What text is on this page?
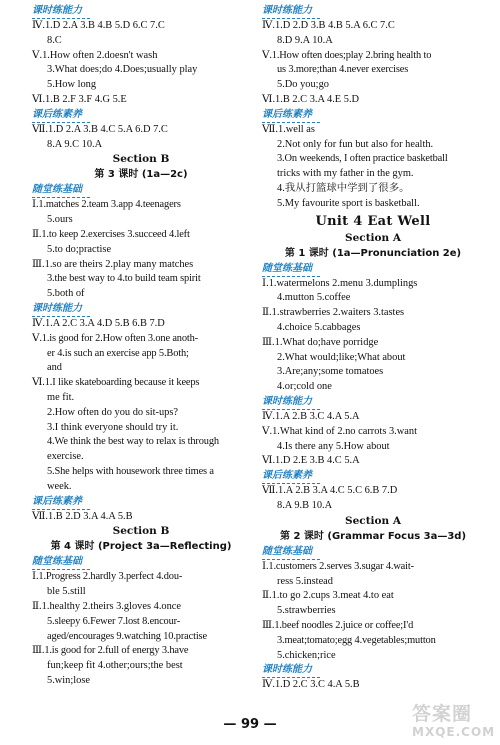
课时练能力
Ⅳ.1.D 2.A 3.B 4.B 5.D 6.C 7.C
8.C
Ⅴ.1.How often 2.doesn't wash
3.What does;do 4.Does;usually play
5.How long
Ⅵ.1.B 2.F 3.F 4.G 5.E
课后练素养
Ⅶ.1.D 2.A 3.B 4.C 5.A 6.D 7.C
8.A 9.C 10.A
Section B
第 3 课时 (1a—2c)
随堂练基础
Ⅰ.1.matches 2.team 3.app 4.teenagers
5.ours
Ⅱ.1.to keep 2.exercises 3.succeed 4.left
5.to do;practise
Ⅲ.1.so are theirs 2.play many matches
3.the best way to 4.to build team spirit
5.both of
课时练能力
Ⅳ.1.A 2.C 3.A 4.D 5.B 6.B 7.D
Ⅴ.1.is good for 2.How often 3.one anoth-
er 4.is such an exercise app 5.Both;
and
Ⅵ.1.I like skateboarding because it keeps
me fit.
2.How often do you do sit-ups?
3.I think everyone should try it.
4.We think the best way to relax is through
exercise.
5.She helps with housework three times a
week.
课后练素养
Ⅶ.1.B 2.D 3.A 4.A 5.B
Section B
第 4 课时 (Project 3a—Reflecting)
随堂练基础
Ⅰ.1.Progress 2.hardly 3.perfect 4.dou-
ble 5.still
Ⅱ.1.healthy 2.theirs 3.gloves 4.once
5.sleepy 6.Fewer 7.lost 8.encour-
aged/encourages 9.watching 10.practise
Ⅲ.1.is good for 2.full of energy 3.have
fun;keep fit 4.other;ours;the best
5.win;lose
课时练能力
Ⅳ.1.D 2.D 3.B 4.B 5.A 6.C 7.C
8.D 9.A 10.A
Ⅴ.1.How often does;play 2.bring health to
us 3.more;than 4.never exercises
5.Do you;go
Ⅵ.1.B 2.C 3.A 4.E 5.D
课后练素养
Ⅶ.1.well as
2.Not only for fun but also for health.
3.On weekends, I often practice basketball
tricks with my father in the gym.
4.我从打篮球中学到了很多。
5.My favourite sport is basketball.
Unit 4 Eat Well
Section A
第 1 课时 (1a—Pronunciation 2e)
随堂练基础
Ⅰ.1.watermelons 2.menu 3.dumplings
4.mutton 5.coffee
Ⅱ.1.strawberries 2.waiters 3.tastes
4.choice 5.cabbages
Ⅲ.1.What do;have porridge
2.What would;like;What about
3.Are;any;some tomatoes
4.or;cold one
课时练能力
Ⅳ.1.A 2.B 3.C 4.A 5.A
Ⅴ.1.What kind of 2.no carrots 3.want
4.Is there any 5.How about
Ⅵ.1.D 2.E 3.B 4.C 5.A
课后练素养
Ⅶ.1.A 2.B 3.A 4.C 5.C 6.B 7.D
8.A 9.B 10.A
Section A
第 2 课时 (Grammar Focus 3a—3d)
随堂练基础
Ⅰ.1.customers 2.serves 3.sugar 4.wait-
ress 5.instead
Ⅱ.1.to go 2.cups 3.meat 4.to eat
5.strawberries
Ⅲ.1.beef noodles 2.juice or coffee;I'd
3.meat;tomato;egg 4.vegetables;mutton
5.chicken;rice
课时练能力
Ⅳ.1.D 2.C 3.C 4.A 5.B
— 99 —	答案圈
MXQE.COM
